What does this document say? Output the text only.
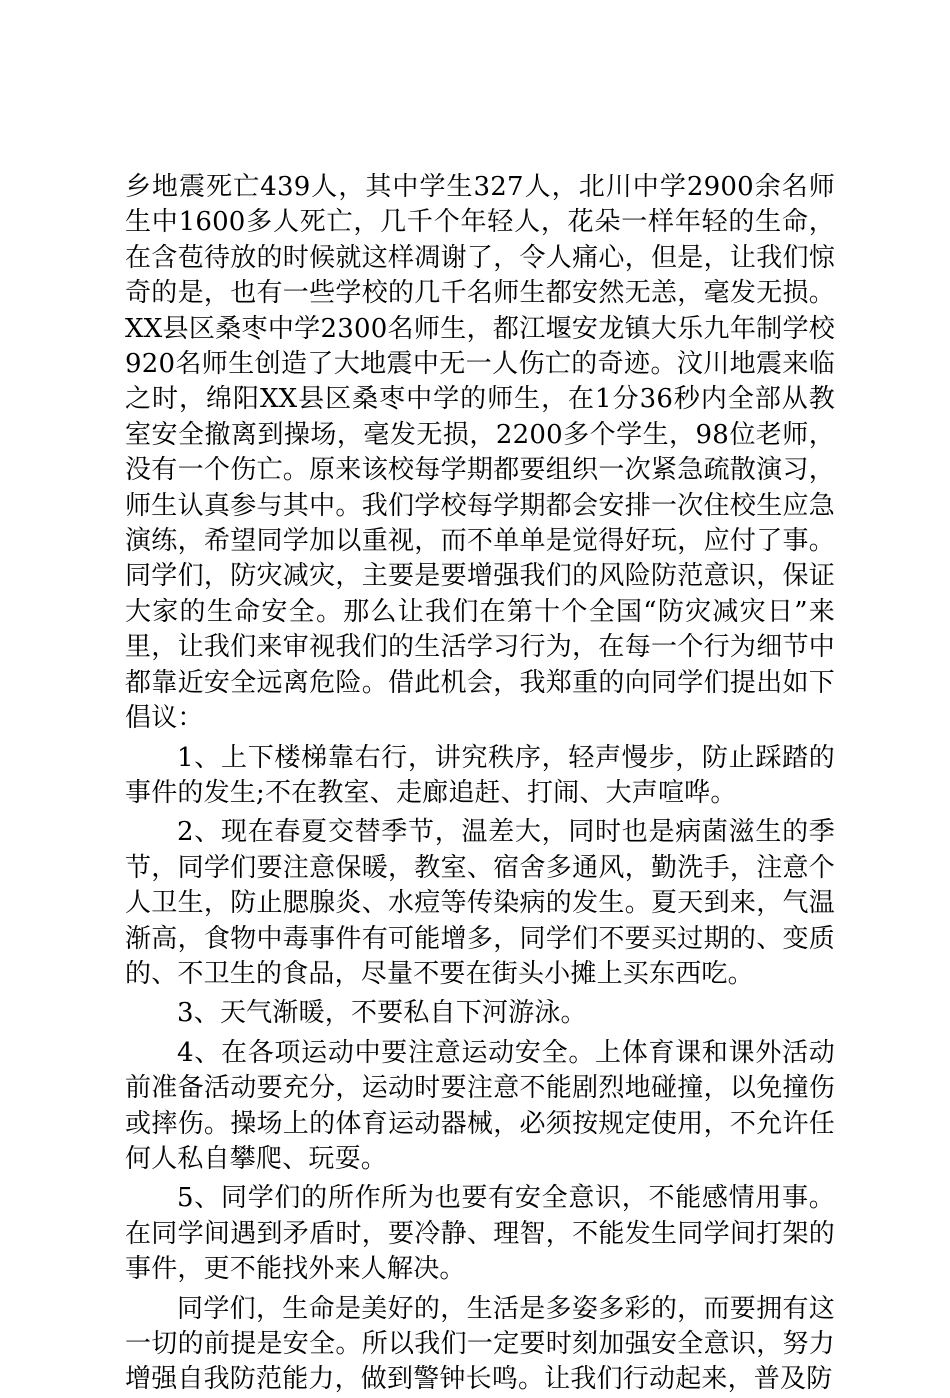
乡地震死亡439人，其中学生327人，北川中学2900余名师生中1600多人死亡，几千个年轻人，花朵一样年轻的生命，在含苞待放的时候就这样凋谢了，令人痛心，但是，让我们惊奇的是，也有一些学校的几千名师生都安然无恙，毫发无损。XX县区桑枣中学2300名师生，都江堰安龙镇大乐九年制学校920名师生创造了大地震中无一人伤亡的奇迹。汶川地震来临之时，绵阳XX县区桑枣中学的师生，在1分36秒内全部从教室安全撤离到操场，毫发无损，2200多个学生，98位老师，没有一个伤亡。原来该校每学期都要组织一次紧急疏散演习，师生认真参与其中。我们学校每学期都会安排一次住校生应急演练，希望同学加以重视，而不单单是觉得好玩，应付了事。同学们，防灾减灾，主要是要增强我们的风险防范意识，保证大家的生命安全。那么让我们在第十个全国“防灾减灾日”来里，让我们来审视我们的生活学习行为，在每一个行为细节中都靠近安全远离危险。借此机会，我郑重的向同学们提出如下倡议：

1、上下楼梯靠右行，讲究秩序，轻声慢步，防止踩踏的事件的发生;不在教室、走廊追赶、打闹、大声喧哗。

2、现在春夏交替季节，温差大，同时也是病菌滋生的季节，同学们要注意保暖，教室、宿舍多通风，勤洗手，注意个人卫生，防止腮腺炎、水痘等传染病的发生。夏天到来，气温渐高，食物中毒事件有可能增多，同学们不要买过期的、变质的、不卫生的食品，尽量不要在街头小摊上买东西吃。

3、天气渐暖，不要私自下河游泳。

4、在各项运动中要注意运动安全。上体育课和课外活动前准备活动要充分，运动时要注意不能剧烈地碰撞，以免撞伤或摔伤。操场上的体育运动器械，必须按规定使用，不允许任何人私自攀爬、玩耍。

5、同学们的所作所为也要有安全意识，不能感情用事。在同学间遇到矛盾时，要冷静、理智，不能发生同学间打架的事件，更不能找外来人解决。

同学们，生命是美好的，生活是多姿多彩的，而要拥有这一切的前提是安全。所以我们一定要时刻加强安全意识，努力增强自我防范能力，做到警钟长鸣。让我们行动起来，普及防
